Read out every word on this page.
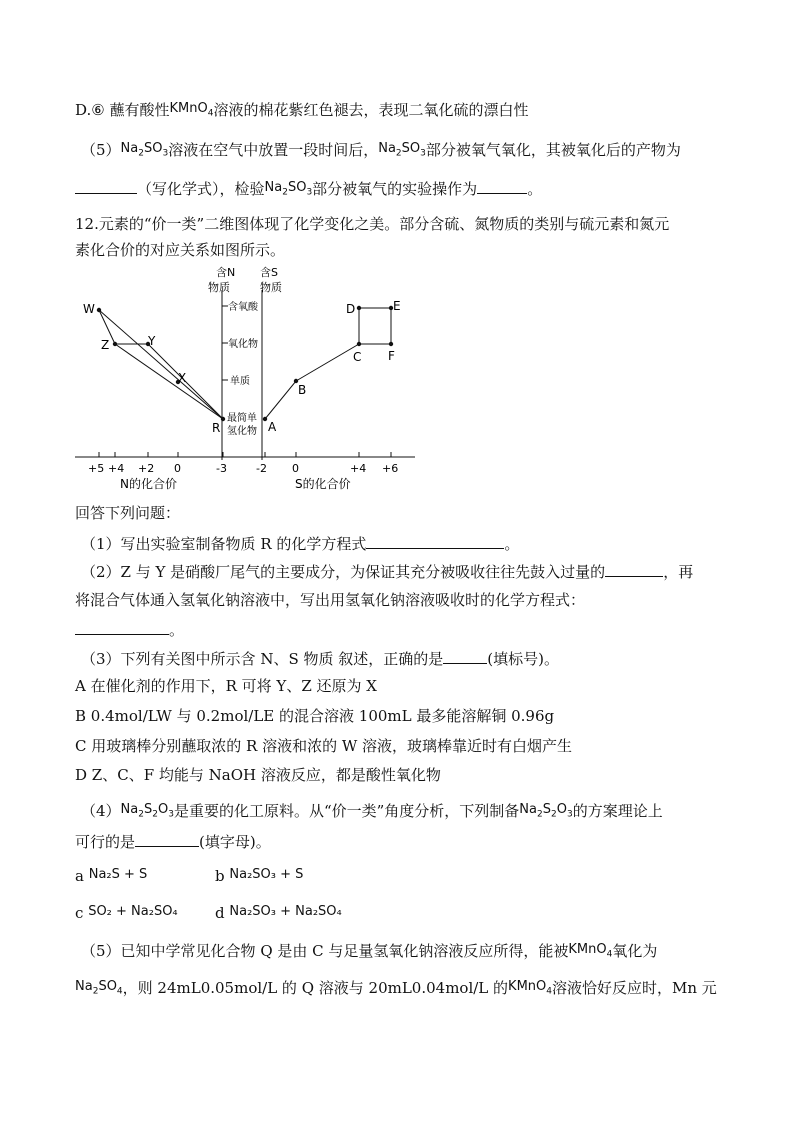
D.⑥ 蘸有酸性KMnO$_4$溶液的棉花紫红色褪去，表现二氧化硫的漂白性
$(5)Na_2SO_3$溶液在空气中放置一段时间后，$Na_2SO_3$部分被氧气氧化，其被氧化后的产物为
（写化学式），检验$Na_2SO_3$部分被氧气的实验操作为	。
12.元素的“价一类”二维图体现了化学变化之美。部分含硫、氮物质的类别与硫元素和氮元
素化合价的对应关系如图所示。
含N
物质
含S
物质
含氧酸
氧化物
单质
最简单
氢化物
W
Z	Y
X
R	A
B
C
D	E
F
+5 +4 +2 0	-3	-2 0	+4 +6
N的化合价	S的化合价
回答下列问题：
（1）写出实验室制备物质 R 的化学方程式	。
（2）Z 与 Y 是硝酸厂尾气的主要成分，为保证其充分被吸收往往先鼓入过量的	，再
将混合气体通入氢氧化钠溶液中，写出用氢氧化钠溶液吸收时的化学方程式：
。
（3）下列有关图中所示含 N、S 物质 叙述，正确的是	(填标号)。
A 在催化剂的作用下，R 可将 Y、Z 还原为 X
B 0.4mol/LW 与 0.2mol/LE 的混合溶液 100mL 最多能溶解铜 0.96g
C 用玻璃棒分别蘸取浓的 R 溶液和浓的 W 溶液，玻璃棒靠近时有白烟产生
D Z、C、F 均能与 NaOH 溶液反应，都是酸性氧化物
$(4)Na_2S_2O_3$是重要的化工原料。从“价一类”角度分析，下列制备$Na_2S_2O_3$的方案理论上
可行的是	(填字母)。
a Na₂S + S	b Na₂SO₃ + S
c SO₂ + Na₂SO₄ d Na₂SO₃ + Na₂SO₄
（5）已知中学常见化合物 Q 是由 C 与足量氢氧化钠溶液反应所得，能被KMnO$_4$氧化为
$Na_2SO_4$，则 24mL0.05mol/L 的 Q 溶液与 20mL0.04mol/L 的KMnO$_4$溶液恰好反应时，Mn 元
